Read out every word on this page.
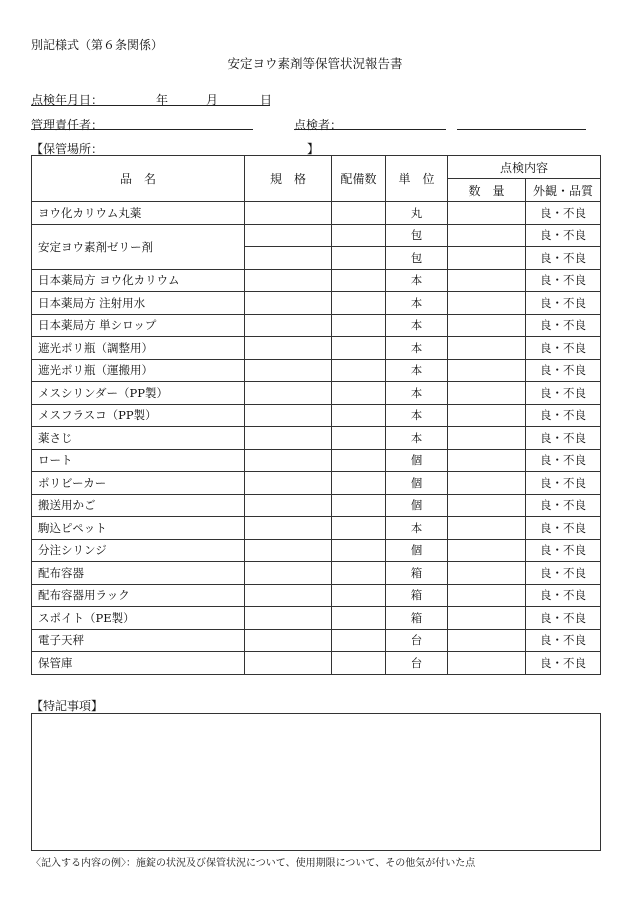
別記様式（第６条関係）
安定ヨウ素剤等保管状況報告書
点検年月日：	年	月	日
管理責任者：	点検者：
【保管場所：	】
品　名	規　格	配備数	単　位	点検内容	
				数　量	外観・品質
ヨウ化カリウム丸薬			丸		良・不良
安定ヨウ素剤ゼリー剤			包		良・不良
			包		良・不良
日本薬局方 ヨウ化カリウム			本		良・不良
日本薬局方 注射用水			本		良・不良
日本薬局方 単シロップ			本		良・不良
遮光ポリ瓶（調整用）			本		良・不良
遮光ポリ瓶（運搬用）			本		良・不良
メスシリンダー（PP製）			本		良・不良
メスフラスコ（PP製）			本		良・不良
薬さじ			本		良・不良
ロート			個		良・不良
ポリビーカー			個		良・不良
搬送用かご			個		良・不良
駒込ピペット			本		良・不良
分注シリンジ			個		良・不良
配布容器			箱		良・不良
配布容器用ラック			箱		良・不良
スポイト（PE製）			箱		良・不良
電子天秤			台		良・不良
保管庫			台		良・不良
【特記事項】
〈記入する内容の例〉：施錠の状況及び保管状況について、使用期限について、その他気が付いた点
